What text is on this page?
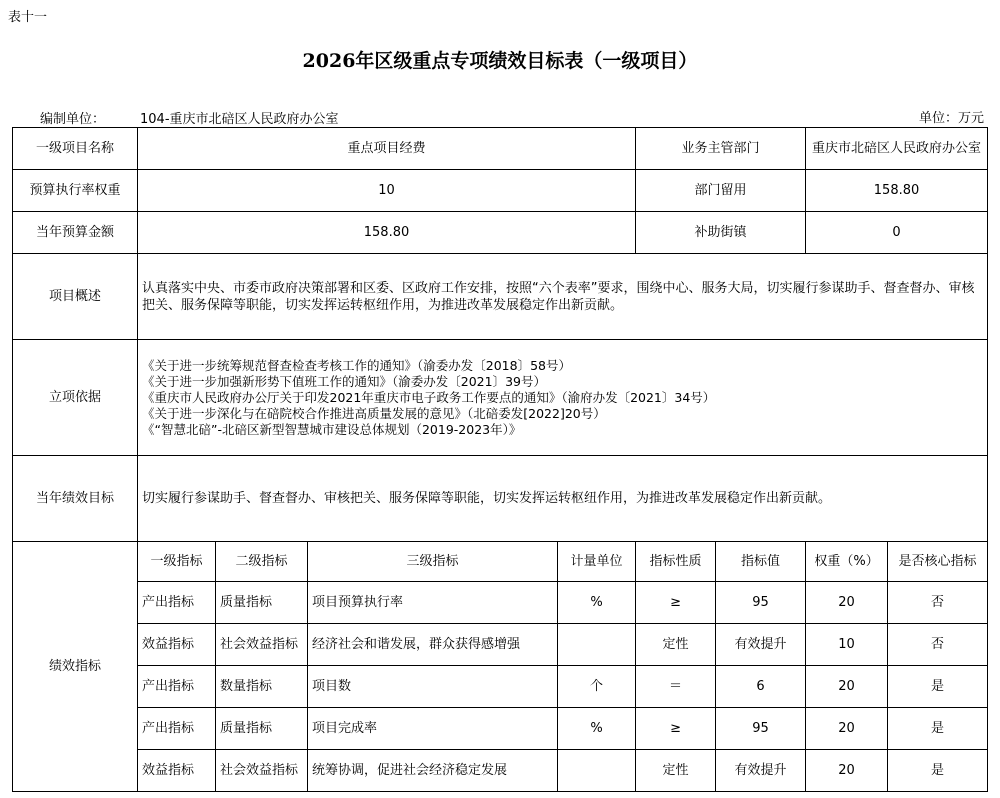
表十一
2026年区级重点专项绩效目标表（一级项目）
编制单位：	104-重庆市北碚区人民政府办公室	单位：万元
一级项目名称	重点项目经费				业务主管部门		重庆市北碚区人民政府办公室	
预算执行率权重	10				部门留用		158.80	
当年预算金额	158.80				补助街镇		0	
项目概述	认真落实中央、市委市政府决策部署和区委、区政府工作安排，按照“六个表率”要求，围绕中心、服务大局，切实履行参谋助手、督查督办、审核把关、服务保障等职能，切实发挥运转枢纽作用，为推进改革发展稳定作出新贡献。							
立项依据	《关于进一步统筹规范督查检查考核工作的通知》（渝委办发〔2018〕58号）
《关于进一步加强新形势下值班工作的通知》（渝委办发〔2021〕39号）
《重庆市人民政府办公厅关于印发2021年重庆市电子政务工作要点的通知》（渝府办发〔2021〕34号）
《关于进一步深化与在碚院校合作推进高质量发展的意见》（北碚委发[2022]20号）
《“智慧北碚”-北碚区新型智慧城市建设总体规划（2019-2023年）》							

当年绩效目标	切实履行参谋助手、督查督办、审核把关、服务保障等职能，切实发挥运转枢纽作用，为推进改革发展稳定作出新贡献。							
绩效指标	一级指标	二级指标	三级指标	计量单位	指标性质	指标值	权重（%）	是否核心指标
	产出指标	质量指标	项目预算执行率	%	≥	95	20	否
	效益指标	社会效益指标	经济社会和谐发展，群众获得感增强		定性	有效提升	10	否
	产出指标	数量指标	项目数	个	＝	6	20	是
	产出指标	质量指标	项目完成率	%	≥	95	20	是
	效益指标	社会效益指标	统筹协调，促进社会经济稳定发展		定性	有效提升	20	是
